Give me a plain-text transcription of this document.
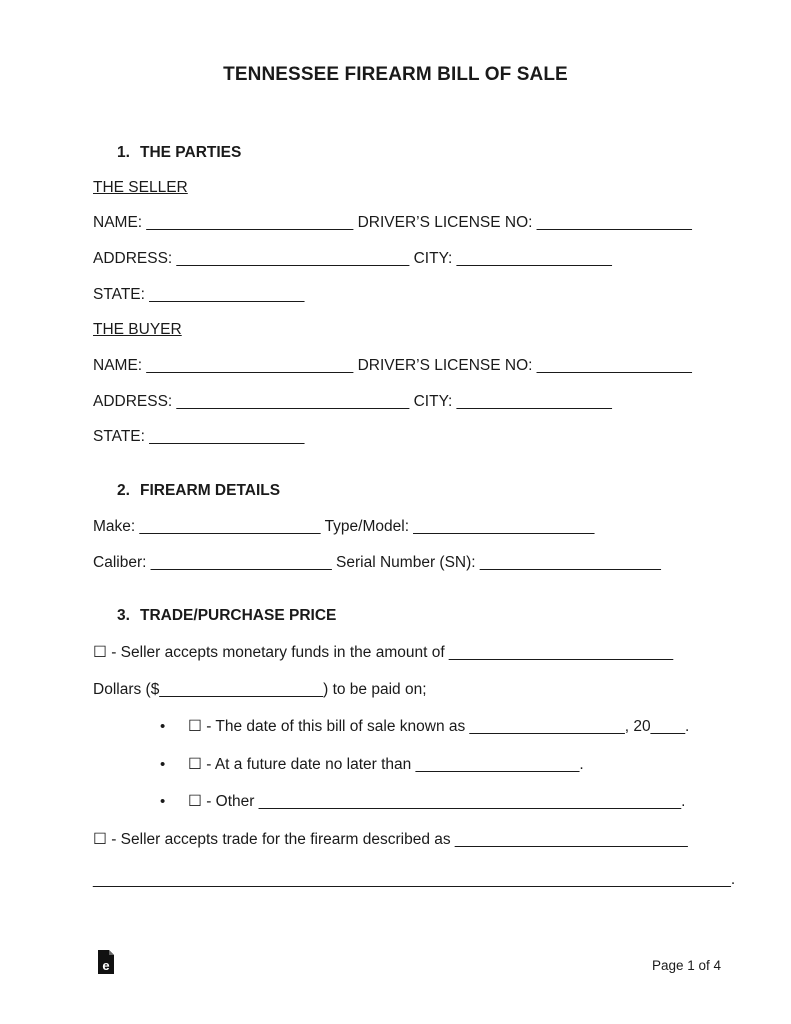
TENNESSEE FIREARM BILL OF SALE
1. THE PARTIES
THE SELLER
NAME: ________________________ DRIVER’S LICENSE NO: __________________
ADDRESS: ___________________________ CITY: __________________
STATE: __________________
THE BUYER
NAME: ________________________ DRIVER’S LICENSE NO: __________________
ADDRESS: ___________________________ CITY: __________________
STATE: __________________
2. FIREARM DETAILS
Make: _____________________ Type/Model: _____________________
Caliber: _____________________ Serial Number (SN): _____________________
3. TRADE/PURCHASE PRICE
☐ - Seller accepts monetary funds in the amount of __________________________
Dollars ($___________________) to be paid on;
• ☐ - The date of this bill of sale known as __________________, 20____.
• ☐ - At a future date no later than ___________________.
• ☐ - Other _________________________________________________.
☐ - Seller accepts trade for the firearm described as ___________________________
__________________________________________________________________________.
e	Page 1 of 4
